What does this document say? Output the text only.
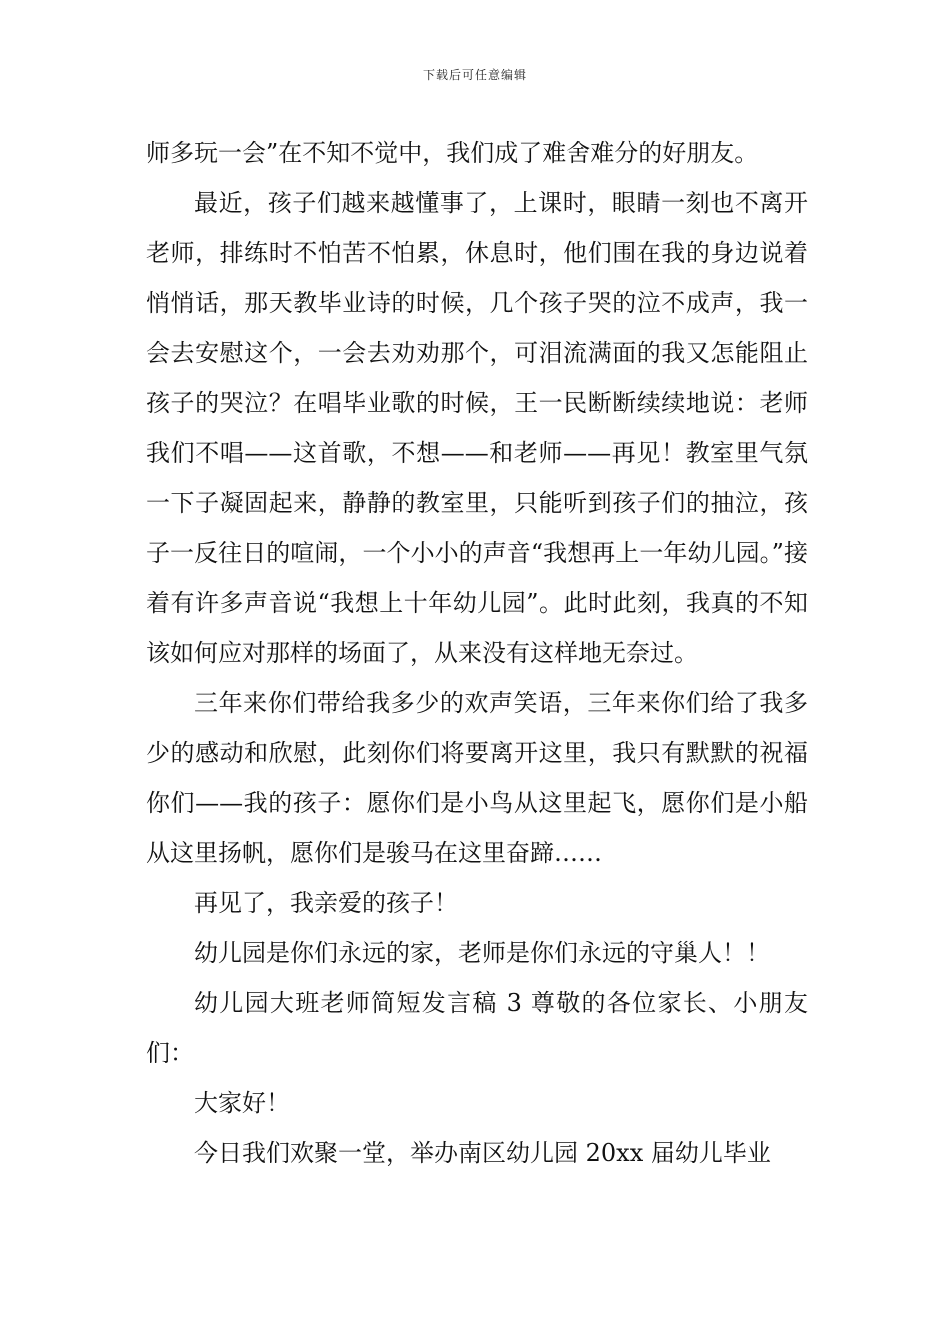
下载后可任意编辑

师多玩一会”在不知不觉中，我们成了难舍难分的好朋友。

最近，孩子们越来越懂事了，上课时，眼睛一刻也不离开老师，排练时不怕苦不怕累，休息时，他们围在我的身边说着悄悄话，那天教毕业诗的时候，几个孩子哭的泣不成声，我一会去安慰这个，一会去劝劝那个，可泪流满面的我又怎能阻止孩子的哭泣？在唱毕业歌的时候，王一民断断续续地说：老师我们不唱——这首歌，不想——和老师——再见！教室里气氛一下子凝固起来，静静的教室里，只能听到孩子们的抽泣，孩子一反往日的喧闹，一个小小的声音“我想再上一年幼儿园。”接着有许多声音说“我想上十年幼儿园”。此时此刻，我真的不知该如何应对那样的场面了，从来没有这样地无奈过。

三年来你们带给我多少的欢声笑语，三年来你们给了我多少的感动和欣慰，此刻你们将要离开这里，我只有默默的祝福你们——我的孩子：愿你们是小鸟从这里起飞，愿你们是小船从这里扬帆，愿你们是骏马在这里奋蹄……

再见了，我亲爱的孩子！

幼儿园是你们永远的家，老师是你们永远的守巢人！！

幼儿园大班老师简短发言稿 3 尊敬的各位家长、小朋友们：

大家好！

今日我们欢聚一堂，举办南区幼儿园 20xx 届幼儿毕业
